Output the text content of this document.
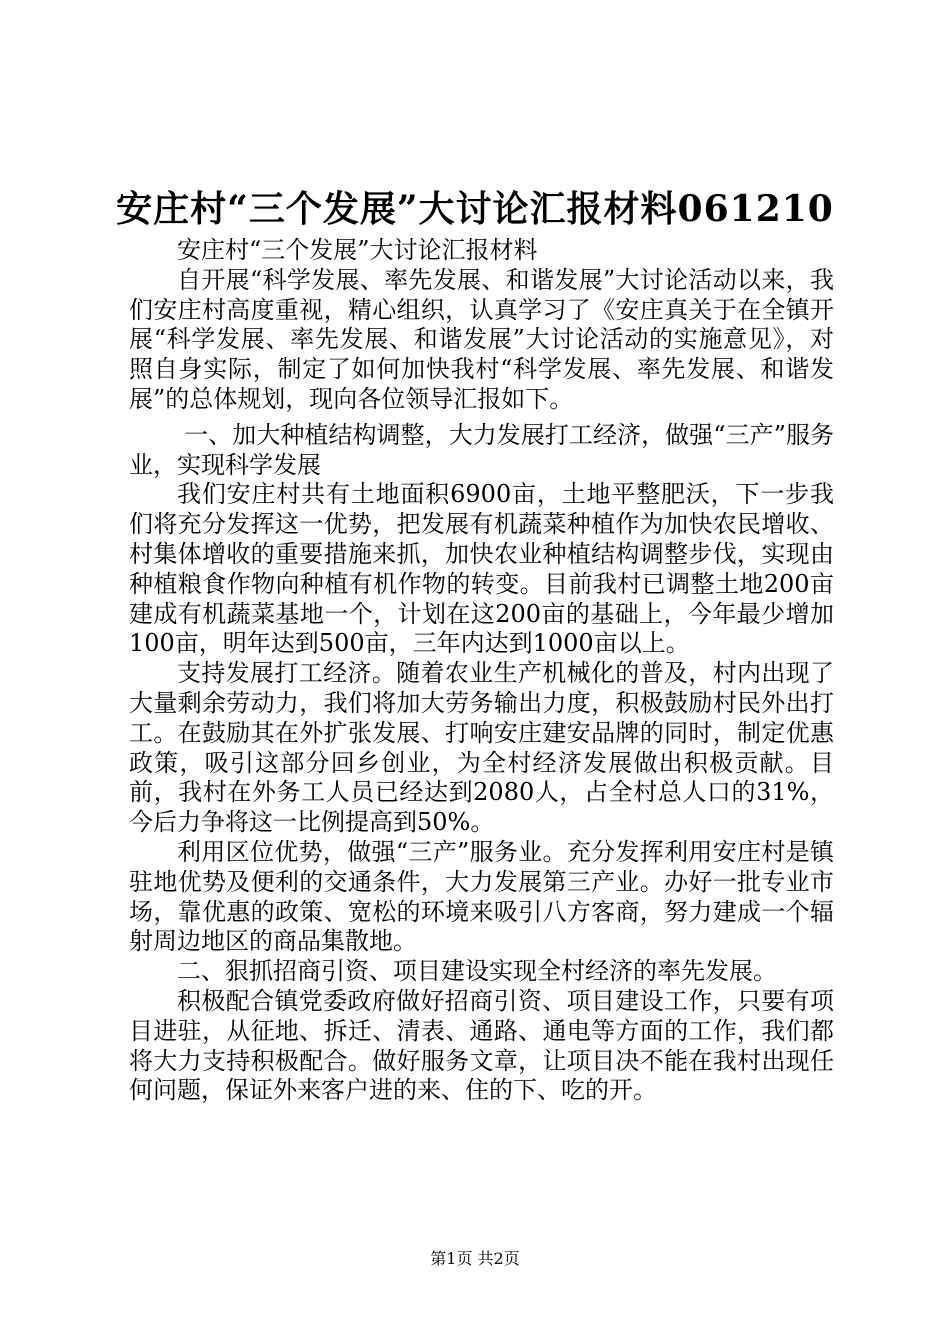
安庄村“三个发展”大讨论汇报材料061210

安庄村“三个发展”大讨论汇报材料

自开展“科学发展、率先发展、和谐发展”大讨论活动以来，我们安庄村高度重视，精心组织，认真学习了《安庄真关于在全镇开展“科学发展、率先发展、和谐发展”大讨论活动的实施意见》，对照自身实际，制定了如何加快我村“科学发展、率先发展、和谐发展”的总体规划，现向各位领导汇报如下。

一、加大种植结构调整，大力发展打工经济，做强“三产”服务业，实现科学发展

我们安庄村共有土地面积6900亩，土地平整肥沃，下一步我们将充分发挥这一优势，把发展有机蔬菜种植作为加快农民增收、村集体增收的重要措施来抓，加快农业种植结构调整步伐，实现由种植粮食作物向种植有机作物的转变。目前我村已调整土地200亩建成有机蔬菜基地一个，计划在这200亩的基础上，今年最少增加100亩，明年达到500亩，三年内达到1000亩以上。

支持发展打工经济。随着农业生产机械化的普及，村内出现了大量剩余劳动力，我们将加大劳务输出力度，积极鼓励村民外出打工。在鼓励其在外扩张发展、打响安庄建安品牌的同时，制定优惠政策，吸引这部分回乡创业，为全村经济发展做出积极贡献。目前，我村在外务工人员已经达到2080人，占全村总人口的31%，今后力争将这一比例提高到50%。

利用区位优势，做强“三产”服务业。充分发挥利用安庄村是镇驻地优势及便利的交通条件，大力发展第三产业。办好一批专业市场，靠优惠的政策、宽松的环境来吸引八方客商，努力建成一个辐射周边地区的商品集散地。

二、狠抓招商引资、项目建设实现全村经济的率先发展。

积极配合镇党委政府做好招商引资、项目建设工作，只要有项目进驻，从征地、拆迁、清表、通路、通电等方面的工作，我们都将大力支持积极配合。做好服务文章，让项目决不能在我村出现任何问题，保证外来客户进的来、住的下、吃的开。

第1页 共2页
